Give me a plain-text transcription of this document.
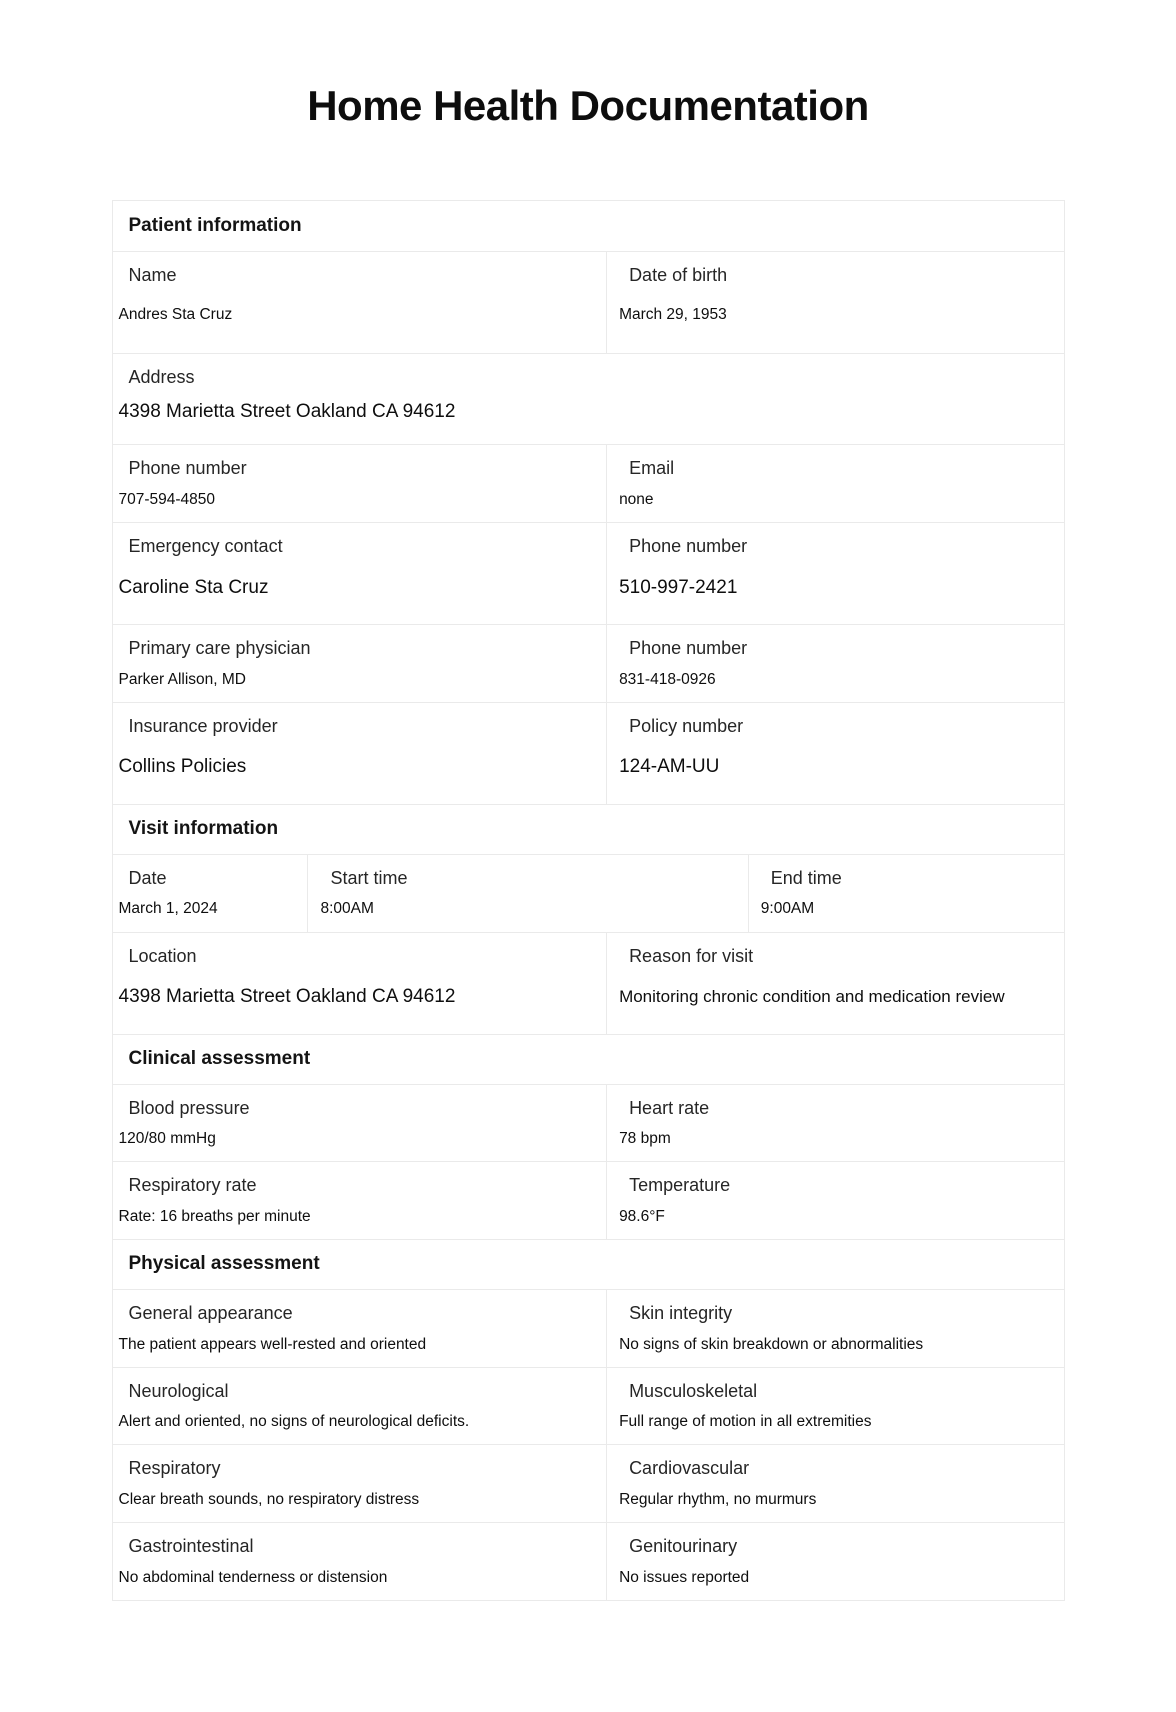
Home Health Documentation
Patient information
Name
Andres Sta Cruz
Date of birth
March 29, 1953
Address
4398 Marietta Street Oakland CA 94612
Phone number
707-594-4850
Email
none
Emergency contact
Caroline Sta Cruz
Phone number
510-997-2421
Primary care physician
Parker Allison, MD
Phone number
831-418-0926
Insurance provider
Collins Policies
Policy number
124-AM-UU
Visit information
Date
March 1, 2024
Start time
8:00AM
End time
9:00AM
Location
4398 Marietta Street Oakland CA 94612
Reason for visit
Monitoring chronic condition and medication review
Clinical assessment
Blood pressure
120/80 mmHg
Heart rate
78 bpm
Respiratory rate
Rate: 16 breaths per minute
Temperature
98.6°F
Physical assessment
General appearance
The patient appears well-rested and oriented
Skin integrity
No signs of skin breakdown or abnormalities
Neurological
Alert and oriented, no signs of neurological deficits.
Musculoskeletal
Full range of motion in all extremities
Respiratory
Clear breath sounds, no respiratory distress
Cardiovascular
Regular rhythm, no murmurs
Gastrointestinal
No abdominal tenderness or distension
Genitourinary
No issues reported
